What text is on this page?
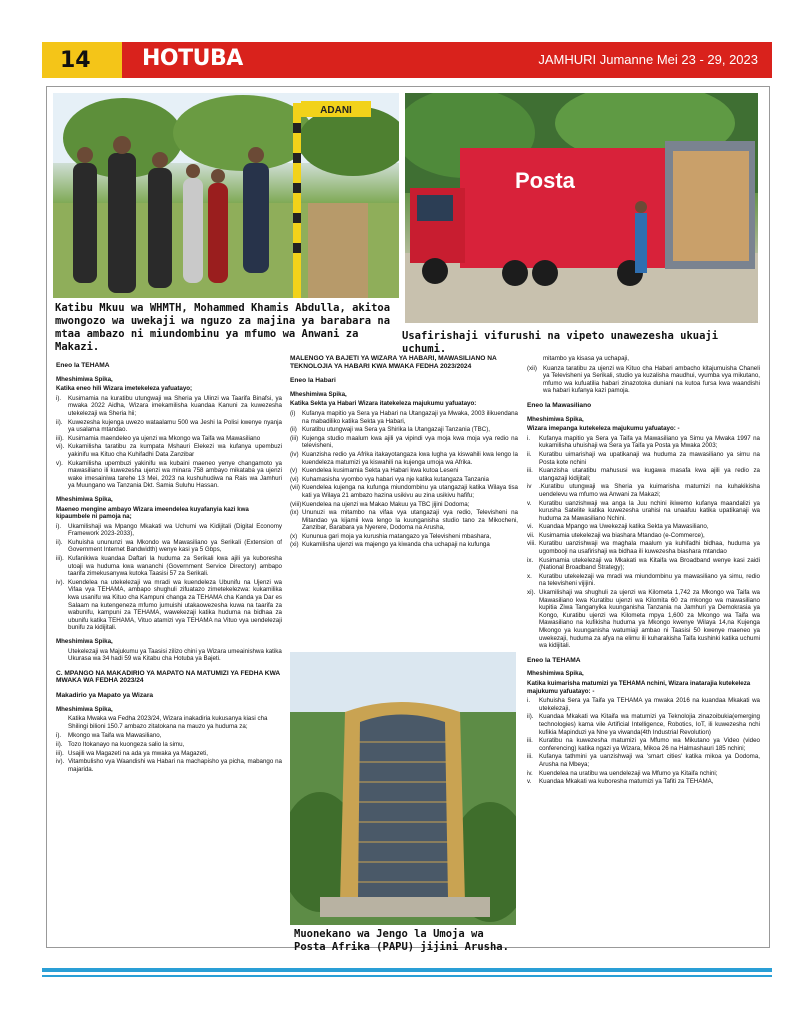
14 HOTUBA	JAMHURI Jumanne Mei 23 - 29, 2023
ADANI
Katibu Mkuu wa WHMTH, Mohammed Khamis Abdulla, akitoa mwongozo wa uwekaji wa nguzo za majina ya barabara na mtaa ambazo ni miundombinu ya mfumo wa Anwani za Makazi.
Posta
Usafirishaji vifurushi na vipeto unawezesha ukuaji uchumi.
Muonekano wa Jengo la Umoja wa Posta Afrika (PAPU) jijini Arusha.
Eneo la TEHAMA

Mheshimiwa Spika,

Katika eneo hili Wizara imetekeleza yafuatayo;

i).	Kusimamia na kuratibu utungwaji wa Sheria ya Ulinzi wa Taarifa Binafsi, ya mwaka 2022 Aidha, Wizara imekamilisha kuandaa Kanuni za kuwezesha utekelezaji wa Sheria hii;
ii). Kuwezesha kujenga uwezo wataalamu 500 wa Jeshi la Polisi kwenye nyanja ya usalama mtandao.
iii). Kusimamia maendeleo ya ujenzi wa Mkongo wa Taifa wa Mawasiliano
vi). Kukamilisha taratibu za kumpata Mshauri Elekezi wa kufanya upembuzi yakinifu wa Kituo cha Kuhifadhi Data Zanzibar
v). Kukamilisha upembuzi yakinifu wa kubaini maeneo yenye changamoto ya mawasiliano ili kuwezesha ujenzi wa minara 758 ambayo mikataba ya ujenzi wake imesainiwa tarehe 13 Mei, 2023 na kushuhudiwa na Rais wa Jamhuri ya Muungano wa Tanzania Dkt. Samia Suluhu Hassan.

Mheshimiwa Spika,

Maeneo mengine ambayo Wizara imeendelea kuyafanyia kazi kwa kipaumbele ni pamoja na;

i).	Ukamilishaji wa Mpango Mkakati wa Uchumi wa Kidijitali (Digital Economy Framework 2023-2033),
ii). Kuhuisha unununzi wa Mkondo wa Mawasiliano ya Serikali (Extension of Government Internet Bandwidth) wenye kasi ya 5 Gbps,
iii). Kufanikiwa kuandaa Daftari la huduma za Serikali kwa ajili ya kuboresha utoaji wa huduma kwa wananchi (Government Service Directory) ambapo taarifa zimekusanywa kutoka Taasisi 57 za Serikali.
iv). Kuendelea na utekelezaji wa mradi wa kuendeleza Ubunifu na Ujenzi wa Vifaa vya TEHAMA, ambapo shughuli zifuatazo zimetekelezwa: kukamilika kwa usanifu wa Kituo cha Kampuni changa za TEHAMA cha Kanda ya Dar es Salaam na kutengeneza mfumo jumuishi utakaowezesha kuwa na taarifa za wabunifu, kampuni za TEHAMA, wawekezaji katika huduma na bidhaa za ubunifu katika TEHAMA, Vituo atamizi vya TEHAMA na Vituo vya uendelezaji bunifu za kidijitali.

Mheshimiwa Spika,

Utekelezaji wa Majukumu ya Taasisi zilizo chini ya Wizara umeainishwa katika Ukurasa wa 34 hadi 59 wa Kitabu cha Hotuba ya Bajeti.

C. MPANGO NA MAKADIRIO YA MAPATO NA MATUMIZI YA FEDHA KWA MWAKA WA FEDHA 2023/24
Makadirio ya Mapato ya Wizara

Mheshimiwa Spika,

Katika Mwaka wa Fedha 2023/24, Wizara inakadiria kukusanya kiasi cha Shilingi bilioni 150.7 ambazo zitatokana na mauzo ya huduma za;

i).	Mkongo wa Taifa wa Mawasiliano,
ii). Tozo Itokanayo na kuongeza salio la simu,
iii). Usajili wa Magazeti na ada ya mwaka ya Magazeti,
iv). Vitambulisho vya Waandishi wa Habari na machapisho ya picha, mabango na majarida.
MALENGO YA BAJETI YA WIZARA YA HABARI, MAWASILIANO NA TEKNOLOJIA YA HABARI KWA MWAKA FEDHA 2023/2024
Eneo la Habari

Mheshimiwa Spika,

Katika Sekta ya Habari Wizara itatekeleza majukumu yafuatayo:

(i)	Kufanya mapitio ya Sera ya Habari na Utangazaji ya Mwaka, 2003 ilikuendana na mabadiliko katika Sekta ya Habari,
(ii) Kuratibu utungwaji wa Sera ya Shirika la Utangazaji Tanzania (TBC),
(iii) Kujenga studio maalum kwa ajili ya vipindi vya moja kwa moja vya redio na televisheni,
(iv) Kuanzisha redio ya Afrika itakayotangaza kwa lugha ya kiswahili kwa lengo la kuendeleza matumizi ya kiswahili na kujenga umoja wa Afrika.
(v) Kuendelea kusimamia Sekta ya Habari kwa kutoa Leseni
(vi) Kuhamasisha vyombo vya habari vya nje katika kutangaza Tanzania
(vii) Kuendelea kujenga na kufunga miundombinu ya utangazaji katika Wilaya tisa kati ya Wilaya 21 ambazo hazina usikivu au zina usikivu hafifu;
(viii) Kuendelea na ujenzi wa Makao Makuu ya TBC jijini Dodoma;
(ix) Ununuzi wa mitambo na vifaa vya utangazaji vya redio, Televisheni na Mitandao ya kijamii kwa lengo la kuunganisha studio tano za Mikocheni, Zanzibar, Barabara ya Nyerere, Dodoma na Arusha,
(x) Kununua gari moja ya kurushia matangazo ya Televisheni mbashara,
(xi) Kukamilisha ujenzi wa majengo ya kiwanda cha uchapaji na kufunga

mitambo ya kisasa ya uchapaji,

(xii) Kuanza taratibu za ujenzi wa Kituo cha Habari ambacho kitajumuisha Chaneli ya Televisheni ya Serikali, studio ya kuzalisha maudhui, vyumba vya mikutano, mfumo wa kufuatilia habari zinazotoka duniani na kutoa fursa kwa waandishi wa habari kufanya kazi pamoja.
Eneo la Mawasiliano

Mheshimiwa Spika,

Wizara imepanga kutekeleza majukumu yafuatayo: -

i.	Kufanya mapitio ya Sera ya Taifa ya Mawasiliano ya Simu ya Mwaka 1997 na kukamilisha uhuishaji wa Sera ya Taifa ya Posta ya Mwaka 2003;
ii.	Kuratibu uimarishaji wa upatikanaji wa huduma za mawasiliano ya simu na Posta kote nchini
iii. Kuanzisha utaratibu mahususi wa kugawa masafa kwa ajili ya redio za utangazaji kidijitali;
iv	.Kuratibu utungwaji wa Sheria ya kuimarisha matumizi na kuhakikisha uendelevu wa mfumo wa Anwani za Makazi;
v.	Kuratibu uanzishwaji wa anga la Juu nchini ikiwemo kufanya maandalizi ya kurusha Satelite katika kuwezesha urahisi na unaafuu katika upatikanaji wa huduma za Mawasiliano Nchini.
vi. Kuandaa Mpango wa Uwekezaji katika Sekta ya Mawasiliano,
vii. Kusimamia utekelezaji wa biashara Mtandao (e-Commerce),
viii. Kuratibu uanzishwaji wa maghala maalum ya kuhifadhi bidhaa, huduma ya ugombooji na usafirishaji wa bidhaa ili kuwezesha biashara mtandao
ix. Kusimamia utekelezaji wa Mkakati wa Kitaifa wa Broadband wenye kasi zaidi (National Broadband Strategy);
x.	Kuratibu utekelezaji wa mradi wa miundombinu ya mawasiliano ya simu, redio na televisheni vijijini.
xi). Ukamilishaji wa shughuli za ujenzi wa Kilometa 1,742 za Mkongo wa Taifa wa Mawasiliano kwa Kuratibu ujenzi wa Kilomita 60 za mkongo wa mawasiliano kupitia Ziwa Tanganyika kuunganisha Tanzania na Jamhuri ya Demokrasia ya Kongo, Kuratibu ujenzi wa Kilometa mpya 1,600 za Mkongo wa Taifa wa Mawasiliano na kufikisha huduma ya Mkongo kwenye Wilaya 14,na Kujenga Mkongo ya kuunganisha watumiaji ambao ni Taasisi 50 kwenye maeneo ya uwekezaji, huduma za afya na elimu ili kuharakisha Taifa kushinki katika uchumi wa kidijitali.
Eneo la TEHAMA

Mheshimiwa Spika,

Katika kuimarisha matumizi ya TEHAMA nchini, Wizara inatarajia kutekeleza majukumu yafuatayo: -

i.	Kuhuisha Sera ya Taifa ya TEHAMA ya mwaka 2016 na kuandaa Mkakati wa utekelezaji,
ii). Kuandaa Mkakati wa Kitaifa wa matumizi ya Teknolojia zinazoibukia(emerging technologies) kama vile Artificial Intelligence, Robotics, IoT, ili kuwezesha nchi kufikia Mapinduzi ya Nne ya viwanda(4th Industrial Revolution)
iii. Kuratibu na kuwezesha matumizi ya Mfumo wa Mikutano ya Video (video conferencing) katika ngazi ya Wizara, Mikoa 26 na Halmashauri 185 nchini;
iii. Kufanya tathmini ya uanzishwaji wa 'smart cities' katika mikoa ya Dodoma, Arusha na Mbeya;
iv.	Kuendelea na uratibu wa uendelezaji wa Mfumo ya Kitaifa nchini;
v.	Kuandaa Mkakati wa kuboresha matumizi ya Tafiti za TEHAMA,
